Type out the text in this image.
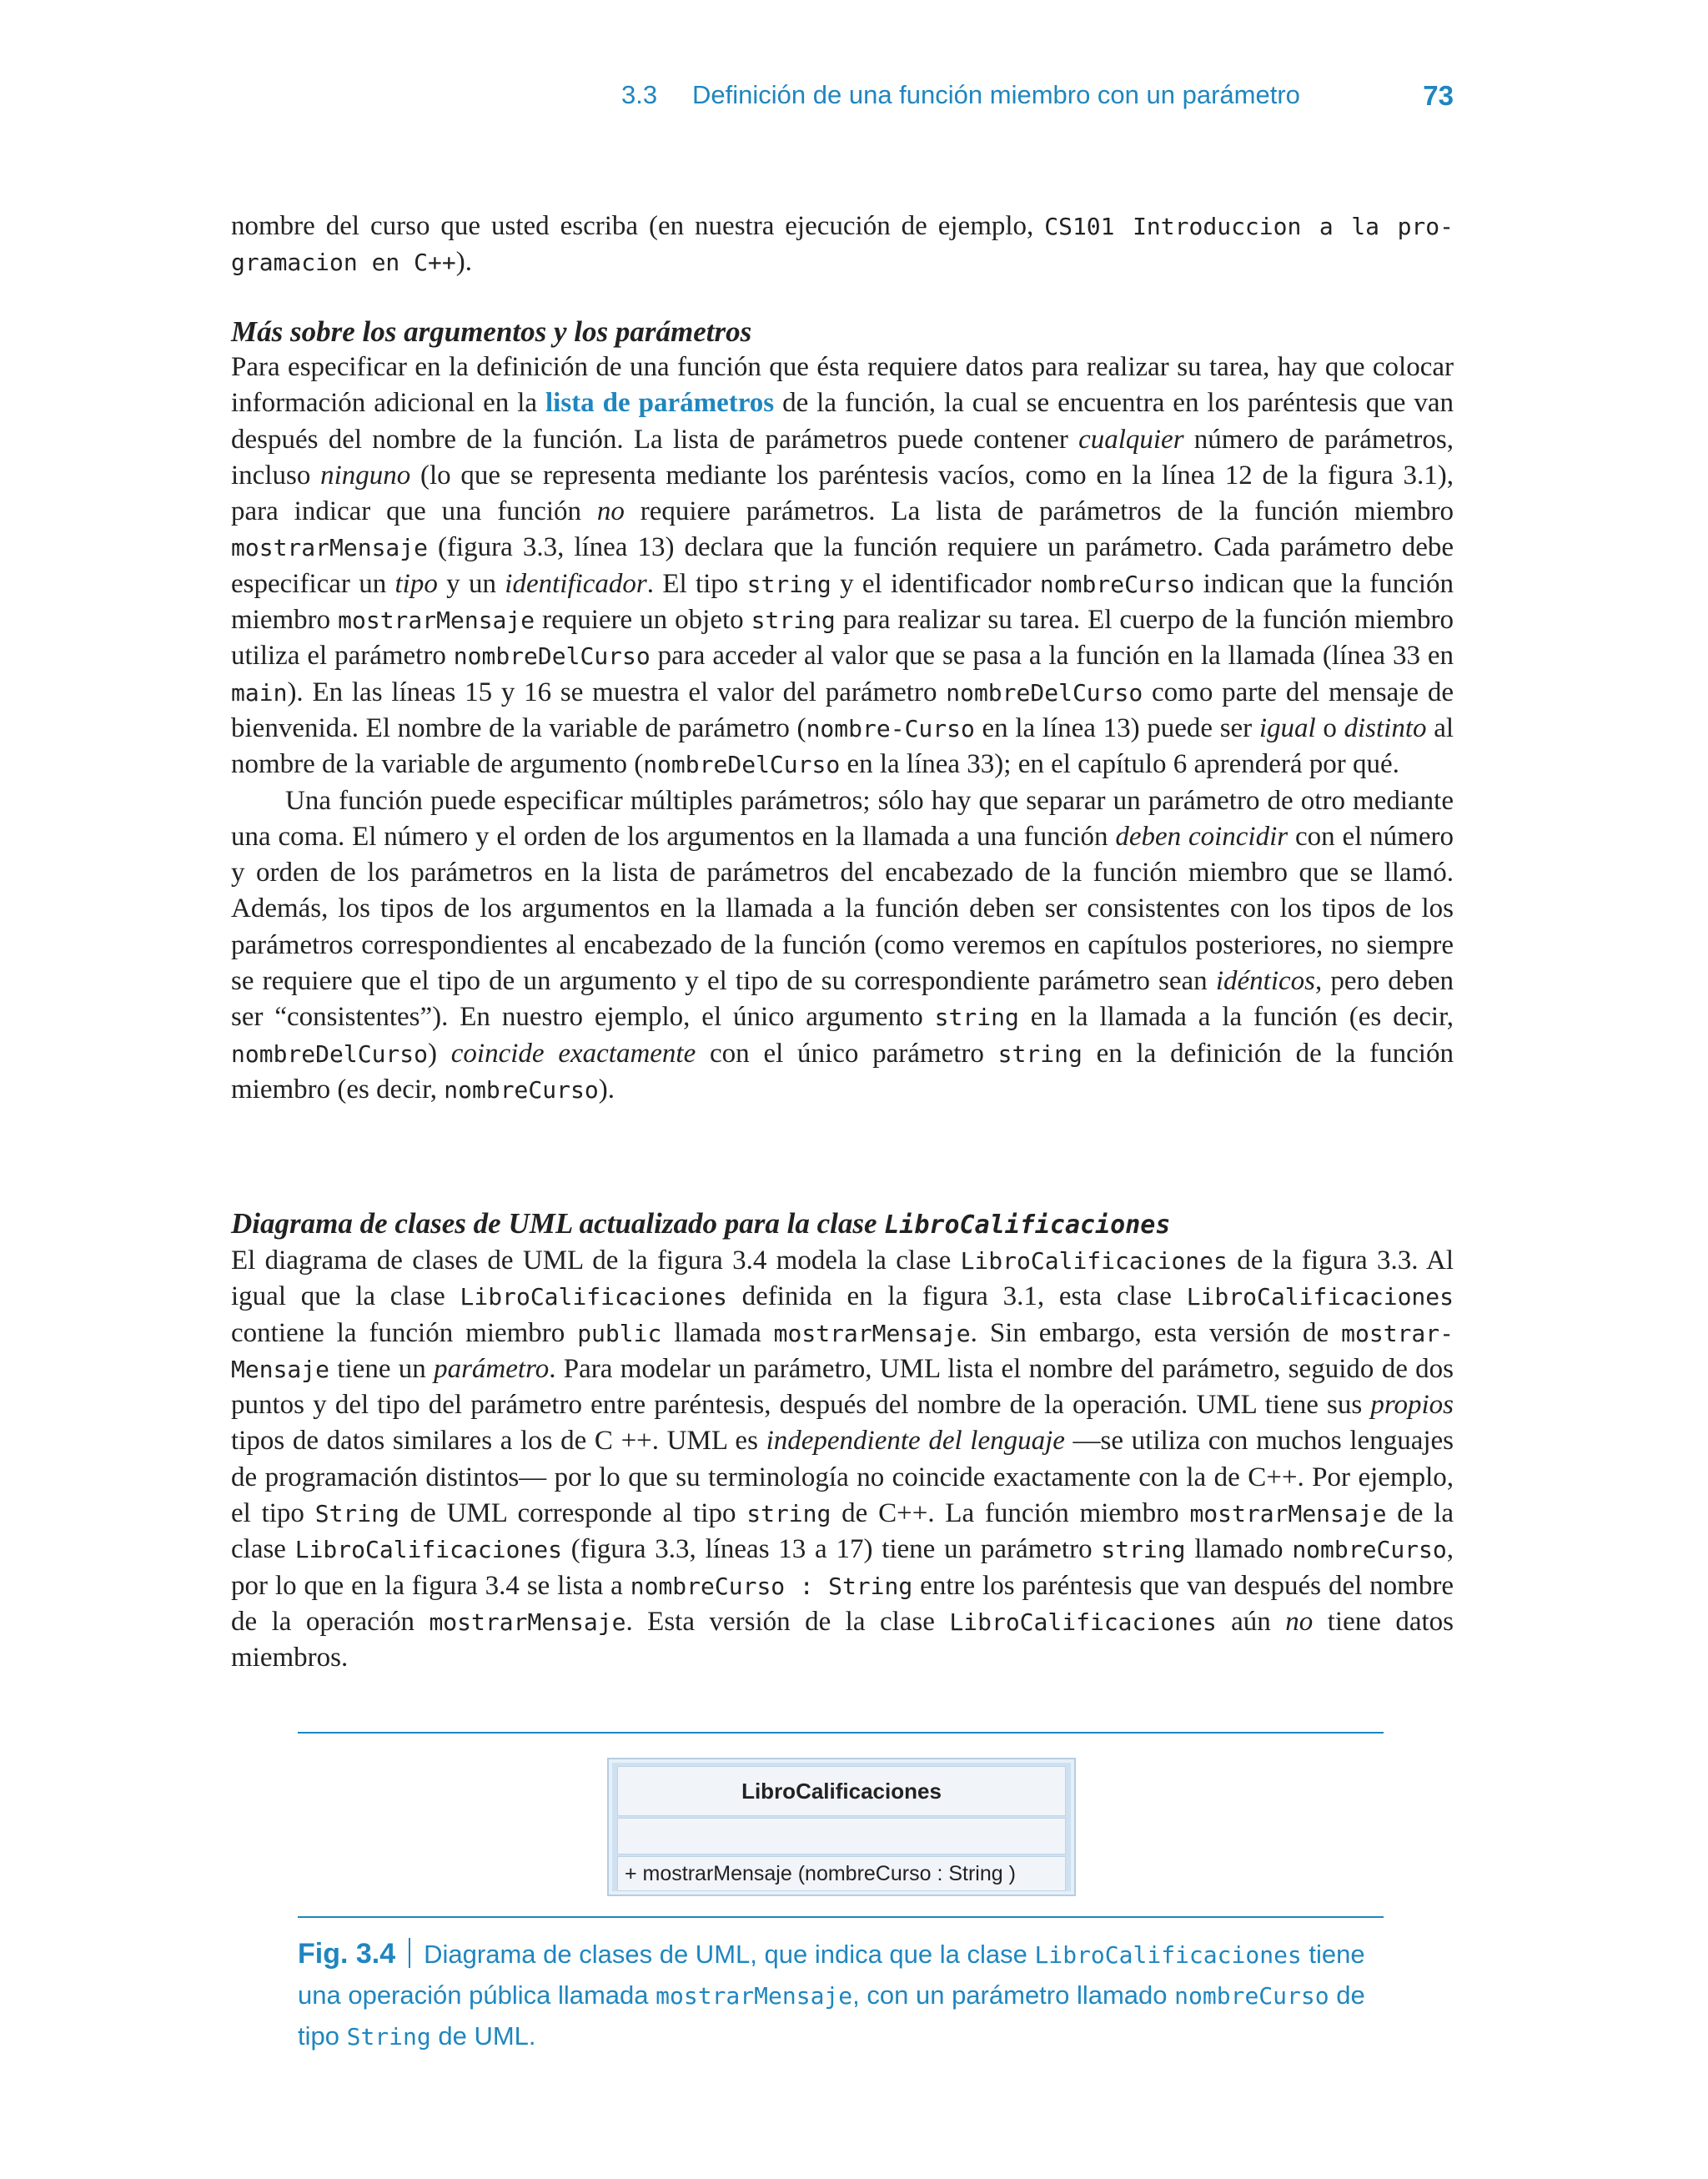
3.3 Definición de una función miembro con un parámetro	73

nombre del curso que usted escriba (en nuestra ejecución de ejemplo, CS101 Introduccion a la pro-gramacion en C++).

Más sobre los argumentos y los parámetros

Para especificar en la definición de una función que ésta requiere datos para realizar su tarea, hay que colocar información adicional en la lista de parámetros de la función, la cual se encuentra en los paréntesis que van después del nombre de la función. La lista de parámetros puede contener cualquier número de parámetros, incluso ninguno (lo que se representa mediante los paréntesis vacíos, como en la línea 12 de la figura 3.1), para indicar que una función no requiere parámetros. La lista de parámetros de la función miembro mostrarMensaje (figura 3.3, línea 13) declara que la función requiere un parámetro. Cada parámetro debe especificar un tipo y un identificador. El tipo string y el identificador nombreCurso indican que la función miembro mostrarMensaje requiere un objeto string para realizar su tarea. El cuerpo de la función miembro utiliza el parámetro nombreDelCurso para acceder al valor que se pasa a la función en la llamada (línea 33 en main). En las líneas 15 y 16 se muestra el valor del parámetro nombreDelCurso como parte del mensaje de bienvenida. El nombre de la variable de parámetro (nombre-Curso en la línea 13) puede ser igual o distinto al nombre de la variable de argumento (nombreDelCurso en la línea 33); en el capítulo 6 aprenderá por qué.

Una función puede especificar múltiples parámetros; sólo hay que separar un parámetro de otro mediante una coma. El número y el orden de los argumentos en la llamada a una función deben coincidir con el número y orden de los parámetros en la lista de parámetros del encabezado de la función miembro que se llamó. Además, los tipos de los argumentos en la llamada a la función deben ser consistentes con los tipos de los parámetros correspondientes al encabezado de la función (como veremos en capítulos posteriores, no siempre se requiere que el tipo de un argumento y el tipo de su correspondiente parámetro sean idénticos, pero deben ser “consistentes”). En nuestro ejemplo, el único argumento string en la llamada a la función (es decir, nombreDelCurso) coincide exactamente con el único parámetro string en la definición de la función miembro (es decir, nombreCurso).

Diagrama de clases de UML actualizado para la clase LibroCalificaciones

El diagrama de clases de UML de la figura 3.4 modela la clase LibroCalificaciones de la figura 3.3. Al igual que la clase LibroCalificaciones definida en la figura 3.1, esta clase LibroCalificaciones contiene la función miembro public llamada mostrarMensaje. Sin embargo, esta versión de mostrar-Mensaje tiene un parámetro. Para modelar un parámetro, UML lista el nombre del parámetro, seguido de dos puntos y del tipo del parámetro entre paréntesis, después del nombre de la operación. UML tiene sus propios tipos de datos similares a los de C ++. UML es independiente del lenguaje —se utiliza con muchos lenguajes de programación distintos— por lo que su terminología no coincide exactamente con la de C++. Por ejemplo, el tipo String de UML corresponde al tipo string de C++. La función miembro mostrarMensaje de la clase LibroCalificaciones (figura 3.3, líneas 13 a 17) tiene un parámetro string llamado nombreCurso, por lo que en la figura 3.4 se lista a nombreCurso : String entre los paréntesis que van después del nombre de la operación mostrarMensaje. Esta versión de la clase LibroCalificaciones aún no tiene datos miembros.

LibroCalificaciones
+ mostrarMensaje (nombreCurso : String )
Fig. 3.4 Diagrama de clases de UML, que indica que la clase LibroCalificaciones tiene una operación pública llamada mostrarMensaje, con un parámetro llamado nombreCurso de tipo String de UML.
